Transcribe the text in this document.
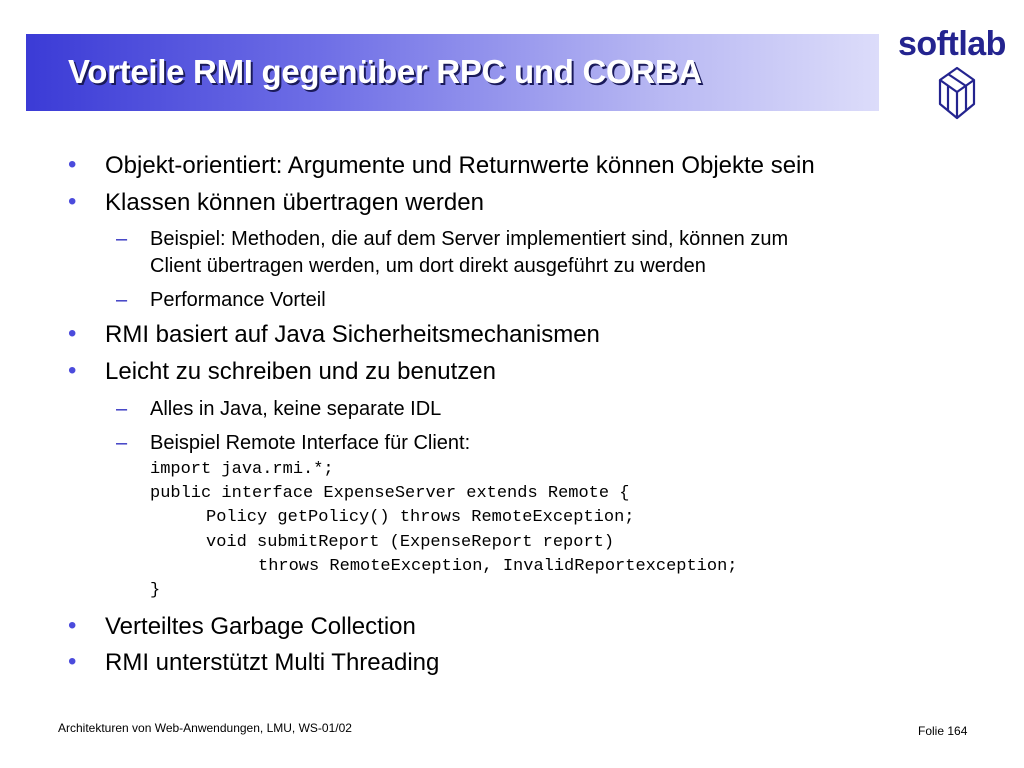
Vorteile RMI gegenüber RPC und CORBA
softlab
• Objekt-orientiert: Argumente und Returnwerte können Objekte sein
• Klassen können übertragen werden
– Beispiel: Methoden, die auf dem Server implementiert sind, können zum
Client übertragen werden, um dort direkt ausgeführt zu werden
– Performance Vorteil
• RMI basiert auf Java Sicherheitsmechanismen
• Leicht zu schreiben und zu benutzen
– Alles in Java, keine separate IDL
– Beispiel Remote Interface für Client:
import java.rmi.*;
public interface ExpenseServer extends Remote {
Policy getPolicy() throws RemoteException;
void submitReport (ExpenseReport report)
throws RemoteException, InvalidReportexception;
}
• Verteiltes Garbage Collection
• RMI unterstützt Multi Threading
Architekturen von Web-Anwendungen, LMU, WS-01/02	Folie 164
